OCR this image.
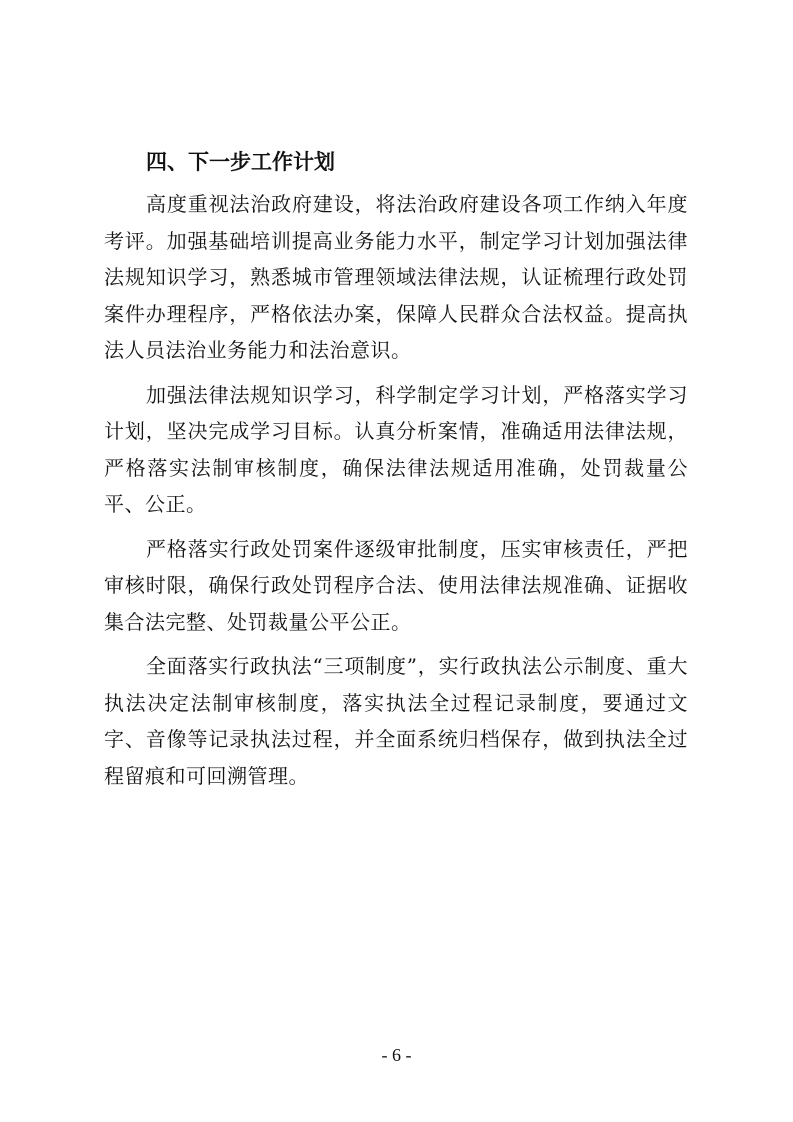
四、下一步工作计划

高度重视法治政府建设，将法治政府建设各项工作纳入年度考评。加强基础培训提高业务能力水平，制定学习计划加强法律法规知识学习，熟悉城市管理领域法律法规，认证梳理行政处罚案件办理程序，严格依法办案，保障人民群众合法权益。提高执法人员法治业务能力和法治意识。

加强法律法规知识学习，科学制定学习计划，严格落实学习计划，坚决完成学习目标。认真分析案情，准确适用法律法规，严格落实法制审核制度，确保法律法规适用准确，处罚裁量公平、公正。

严格落实行政处罚案件逐级审批制度，压实审核责任，严把审核时限，确保行政处罚程序合法、使用法律法规准确、证据收集合法完整、处罚裁量公平公正。

全面落实行政执法“三项制度”，实行政执法公示制度、重大执法决定法制审核制度，落实执法全过程记录制度，要通过文字、音像等记录执法过程，并全面系统归档保存，做到执法全过程留痕和可回溯管理。

- 6 -
